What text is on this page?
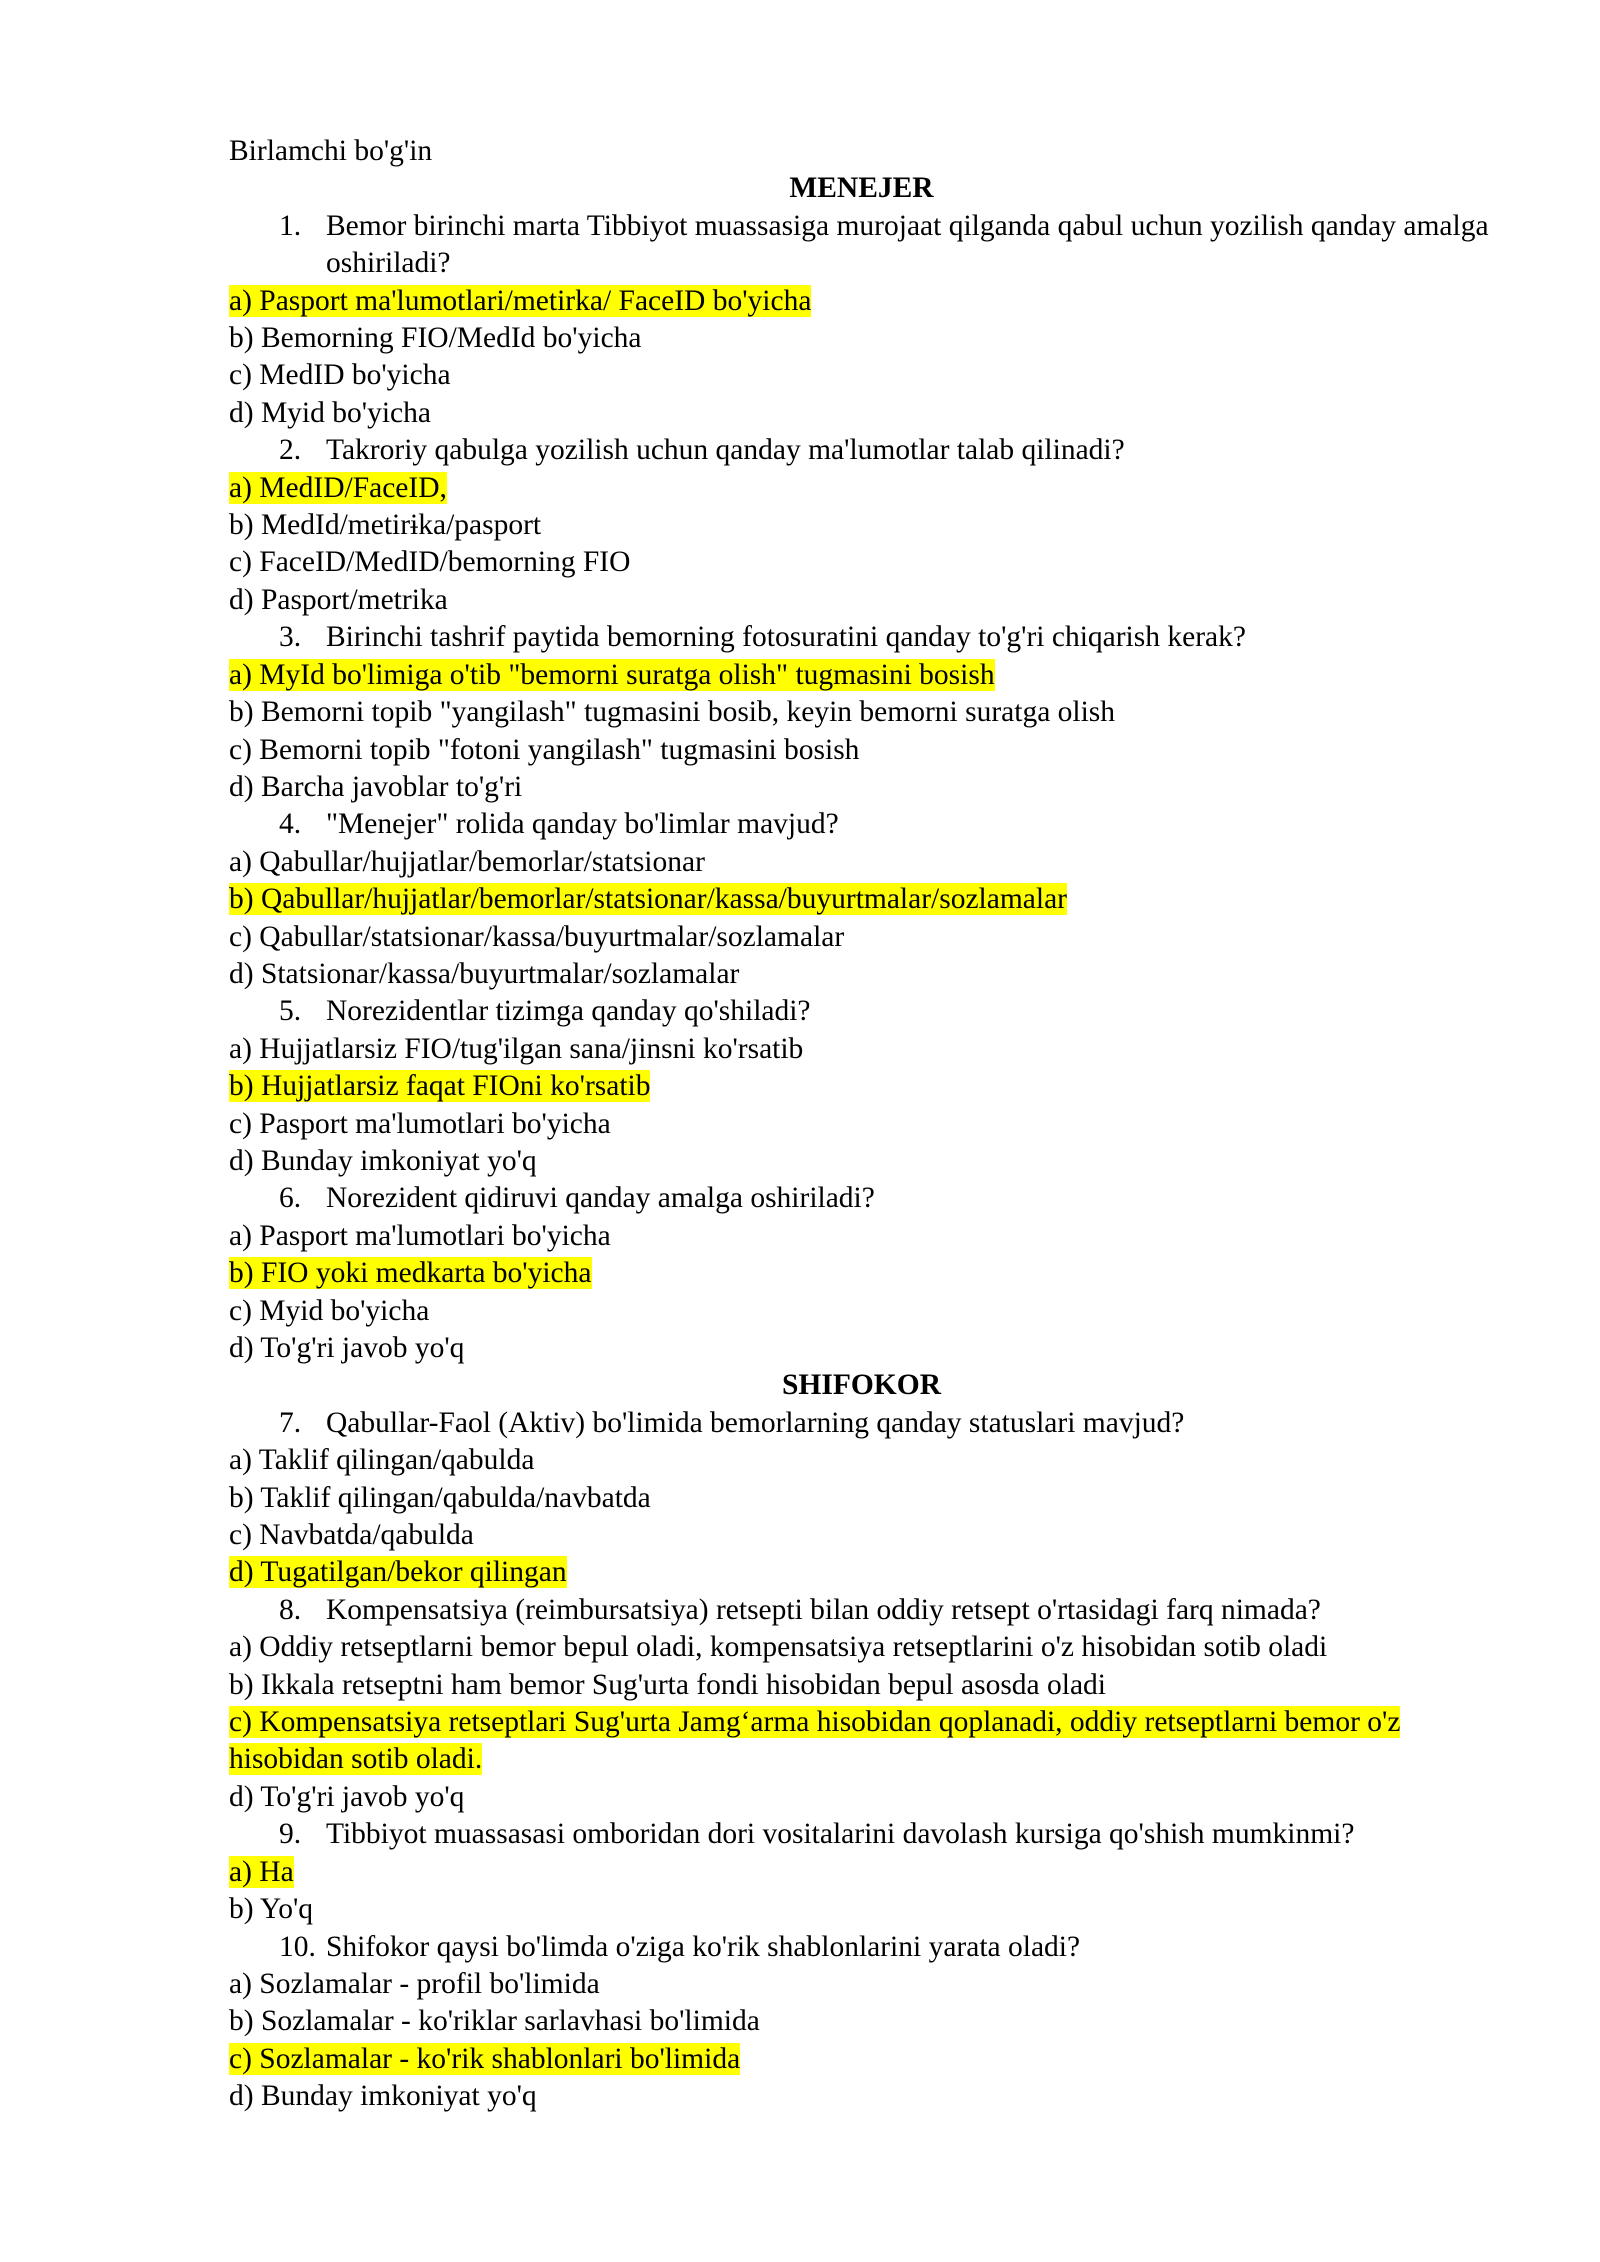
Birlamchi bo'g'in
MENEJER
1. Bemor birinchi marta Tibbiyot muassasiga murojaat qilganda qabul uchun yozilish qanday amalga oshiriladi?
a) Pasport ma'lumotlari/metirka/ FaceID bo'yicha
b) Bemorning FIO/MedId bo'yicha
c) MedID bo'yicha
d) Myid bo'yicha
2. Takroriy qabulga yozilish uchun qanday ma'lumotlar talab qilinadi?
a) MedID/FaceID,
b) MedId/metirɨka/pasport
c) FaceID/MedID/bemorning FIO
d) Pasport/metrika
3. Birinchi tashrif paytida bemorning fotosuratini qanday to'g'ri chiqarish kerak?
a) MyId bo'limiga o'tib "bemorni suratga olish" tugmasini bosish
b) Bemorni topib "yangilash" tugmasini bosib, keyin bemorni suratga olish
c) Bemorni topib "fotoni yangilash" tugmasini bosish
d) Barcha javoblar to'g'ri
4. "Menejer" rolida qanday bo'limlar mavjud?
a) Qabullar/hujjatlar/bemorlar/statsionar
b) Qabullar/hujjatlar/bemorlar/statsionar/kassa/buyurtmalar/sozlamalar
c) Qabullar/statsionar/kassa/buyurtmalar/sozlamalar
d) Statsionar/kassa/buyurtmalar/sozlamalar
5. Norezidentlar tizimga qanday qo'shiladi?
a) Hujjatlarsiz FIO/tug'ilgan sana/jinsni ko'rsatib
b) Hujjatlarsiz faqat FIOni ko'rsatib
c) Pasport ma'lumotlari bo'yicha
d) Bunday imkoniyat yo'q
6. Norezident qidiruvi qanday amalga oshiriladi?
a) Pasport ma'lumotlari bo'yicha
b) FIO yoki medkarta bo'yicha
c) Myid bo'yicha
d) To'g'ri javob yo'q
SHIFOKOR
7. Qabullar-Faol (Aktiv) bo'limida bemorlarning qanday statuslari mavjud?
a) Taklif qilingan/qabulda
b) Taklif qilingan/qabulda/navbatda
c) Navbatda/qabulda
d) Tugatilgan/bekor qilingan
8. Kompensatsiya (reimbursatsiya) retsepti bilan oddiy retsept o'rtasidagi farq nimada?
a) Oddiy retseptlarni bemor bepul oladi, kompensatsiya retseptlarini o'z hisobidan sotib oladi
b) Ikkala retseptni ham bemor Sug'urta fondi hisobidan bepul asosda oladi
c) Kompensatsiya retseptlari Sug'urta Jamg‘arma hisobidan qoplanadi, oddiy retseptlarni bemor o'z hisobidan sotib oladi.
d) To'g'ri javob yo'q
9. Tibbiyot muassasasi omboridan dori vositalarini davolash kursiga qo'shish mumkinmi?
a) Ha
b) Yo'q
10. Shifokor qaysi bo'limda o'ziga ko'rik shablonlarini yarata oladi?
a) Sozlamalar - profil bo'limida
b) Sozlamalar - ko'riklar sarlavhasi bo'limida
c) Sozlamalar - ko'rik shablonlari bo'limida
d) Bunday imkoniyat yo'q
